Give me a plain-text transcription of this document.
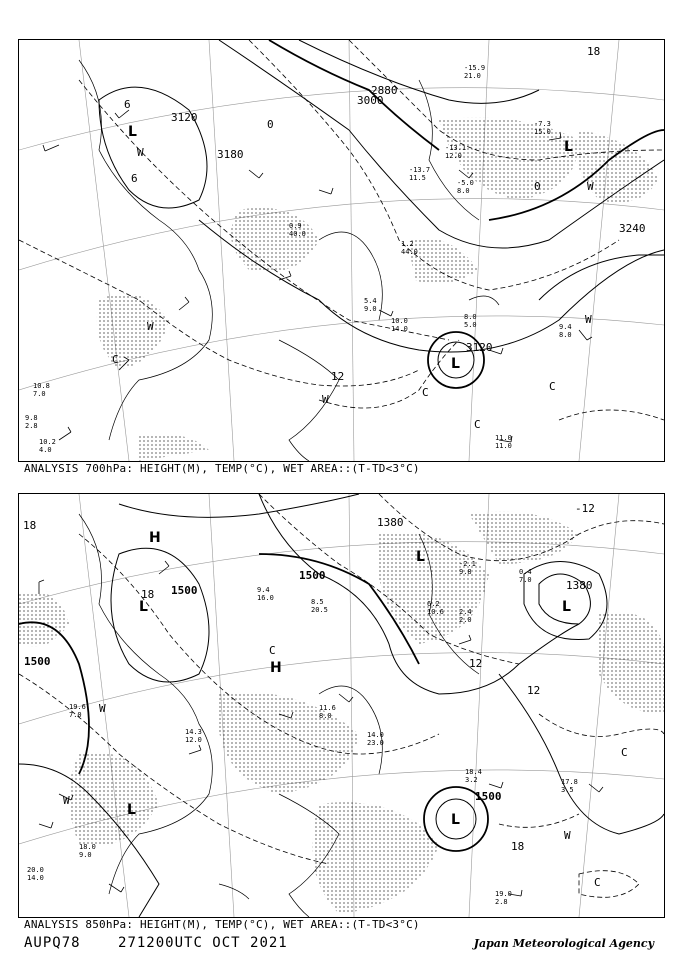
3120
3180
2880
3000
3240
3120
6
6
0
12
18
0
L
L
L
W
W
W
C
C
C
C
W
W
10.8
7.0
9.8
2.8
10.2
4.0
10.0
14.0	9.4
8.0
11.0
11.0
8.0
5.0
5.4
9.0
1.2
44.0
0.9
40.0
-13.1
12.0
-7.3
15.0
-13.7
11.5
-15.9
21.0
-5.0
8.0
ANALYSIS 700hPa: HEIGHT(M), TEMP(°C), WET AREA::(T-TD<3°C)
1500
1500
1500
1500
1380
1380
18
18
12
-12
18
12
H
L
H
L
L
L
L
W
W
C
C
W
C
19.0
2.8
17.8
3.5
18.4
3.2
19.6
7.0
20.0
14.0
18.0
9.0
14.0
23.0
9.4
16.0	8.5
20.5
6.2
10.6
0.4
7.0
-2.1
9.8
11.6
8.0
14.3
12.0
2.4
2.0
ANALYSIS 850hPa: HEIGHT(M), TEMP(°C), WET AREA::(T-TD<3°C)
AUPQ78	271200UTC OCT 2021	Japan Meteorological Agency
